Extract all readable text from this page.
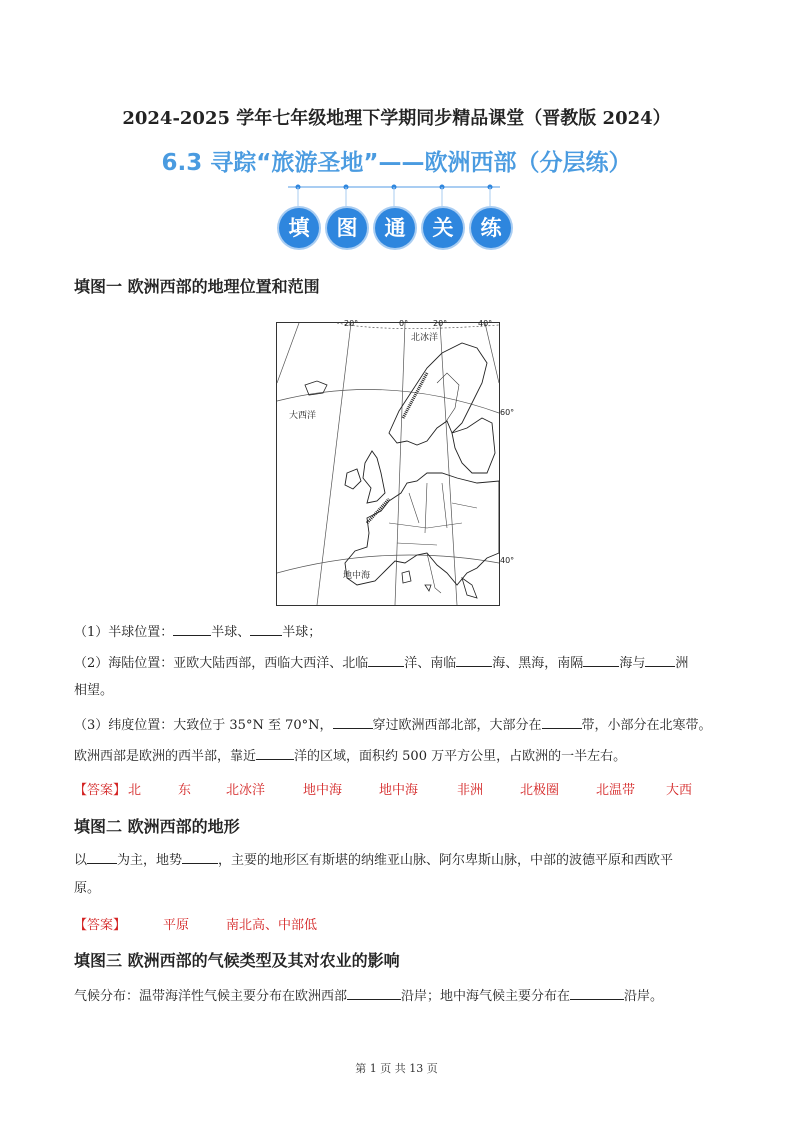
2024-2025 学年七年级地理下学期同步精品课堂（晋教版 2024）
6.3 寻踪“旅游圣地”——欧洲西部（分层练）
填	图	通	关	练
填图一 欧洲西部的地理位置和范围
20°	0°	20°	40°
60°
40°
北冰洋
大西洋
地中海
（1）半球位置：	半球、 半球；
（2）海陆位置：亚欧大陆西部，西临大西洋、北临	洋、南临	海、黑海，南隔	海与 洲
相望。
（3）纬度位置：大致位于 35°N 至 70°N，	穿过欧洲西部北部，大部分在	带，小部分在北寒带。
欧洲西部是欧洲的西半部，靠近	洋的区域，面积约 500 万平方公里，占欧洲的一半左右。
【答案】 北	东	北冰洋	地中海	地中海	非洲	北极圈	北温带 大西
填图二 欧洲西部的地形
以 为主，地势	，主要的地形区有斯堪的纳维亚山脉、阿尔卑斯山脉，中部的波德平原和西欧平
原。
【答案】	平原	南北高、中部低
填图三 欧洲西部的气候类型及其对农业的影响
气候分布：温带海洋性气候主要分布在欧洲西部	沿岸；地中海气候主要分布在	沿岸。
第 1 页 共 13 页
